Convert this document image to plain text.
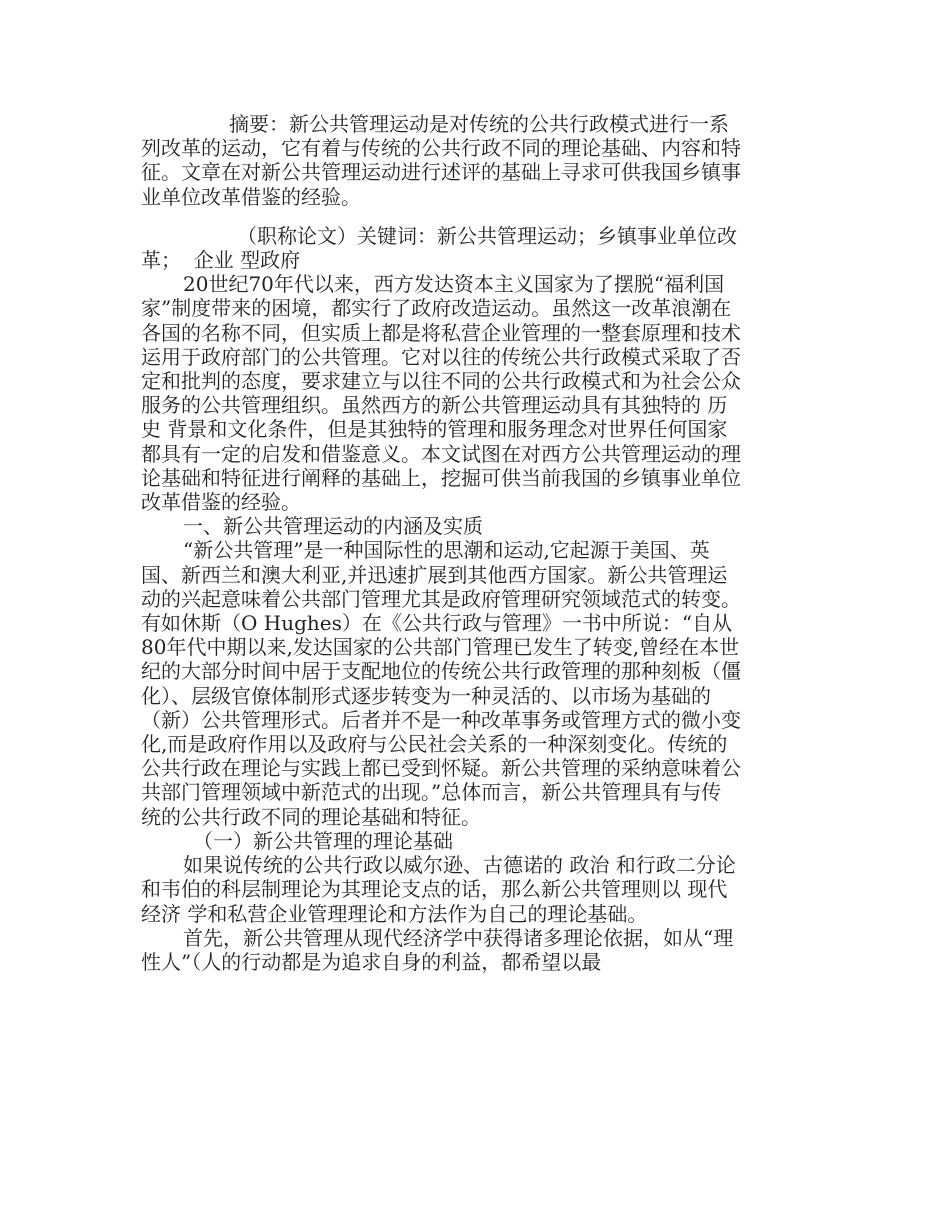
摘要：新公共管理运动是对传统的公共行政模式进行一系列改革的运动，它有着与传统的公共行政不同的理论基础、内容和特征。文章在对新公共管理运动进行述评的基础上寻求可供我国乡镇事业单位改革借鉴的经验。

（职称论文）关键词：新公共管理运动；乡镇事业单位改革；  企业 型政府

20世纪70年代以来，西方发达资本主义国家为了摆脱“福利国家”制度带来的困境，都实行了政府改造运动。虽然这一改革浪潮在各国的名称不同，但实质上都是将私营企业管理的一整套原理和技术运用于政府部门的公共管理。它对以往的传统公共行政模式采取了否定和批判的态度，要求建立与以往不同的公共行政模式和为社会公众服务的公共管理组织。虽然西方的新公共管理运动具有其独特的 历史 背景和文化条件，但是其独特的管理和服务理念对世界任何国家都具有一定的启发和借鉴意义。本文试图在对西方公共管理运动的理论基础和特征进行阐释的基础上，挖掘可供当前我国的乡镇事业单位改革借鉴的经验。

一、新公共管理运动的内涵及实质

“新公共管理”是一种国际性的思潮和运动,它起源于美国、英国、新西兰和澳大利亚,并迅速扩展到其他西方国家。新公共管理运动的兴起意味着公共部门管理尤其是政府管理研究领域范式的转变。有如休斯（O Hughes）在《公共行政与管理》一书中所说：“自从80年代中期以来,发达国家的公共部门管理已发生了转变,曾经在本世纪的大部分时间中居于支配地位的传统公共行政管理的那种刻板（僵化）、层级官僚体制形式逐步转变为一种灵活的、以市场为基础的（新）公共管理形式。后者并不是一种改革事务或管理方式的微小变化,而是政府作用以及政府与公民社会关系的一种深刻变化。传统的公共行政在理论与实践上都已受到怀疑。新公共管理的采纳意味着公共部门管理领域中新范式的出现。”总体而言，新公共管理具有与传统的公共行政不同的理论基础和特征。

（一）新公共管理的理论基础

如果说传统的公共行政以威尔逊、古德诺的 政治 和行政二分论和韦伯的科层制理论为其理论支点的话，那么新公共管理则以 现代  经济 学和私营企业管理理论和方法作为自己的理论基础。

首先，新公共管理从现代经济学中获得诸多理论依据，如从“理性人”（人的行动都是为追求自身的利益，都希望以最
